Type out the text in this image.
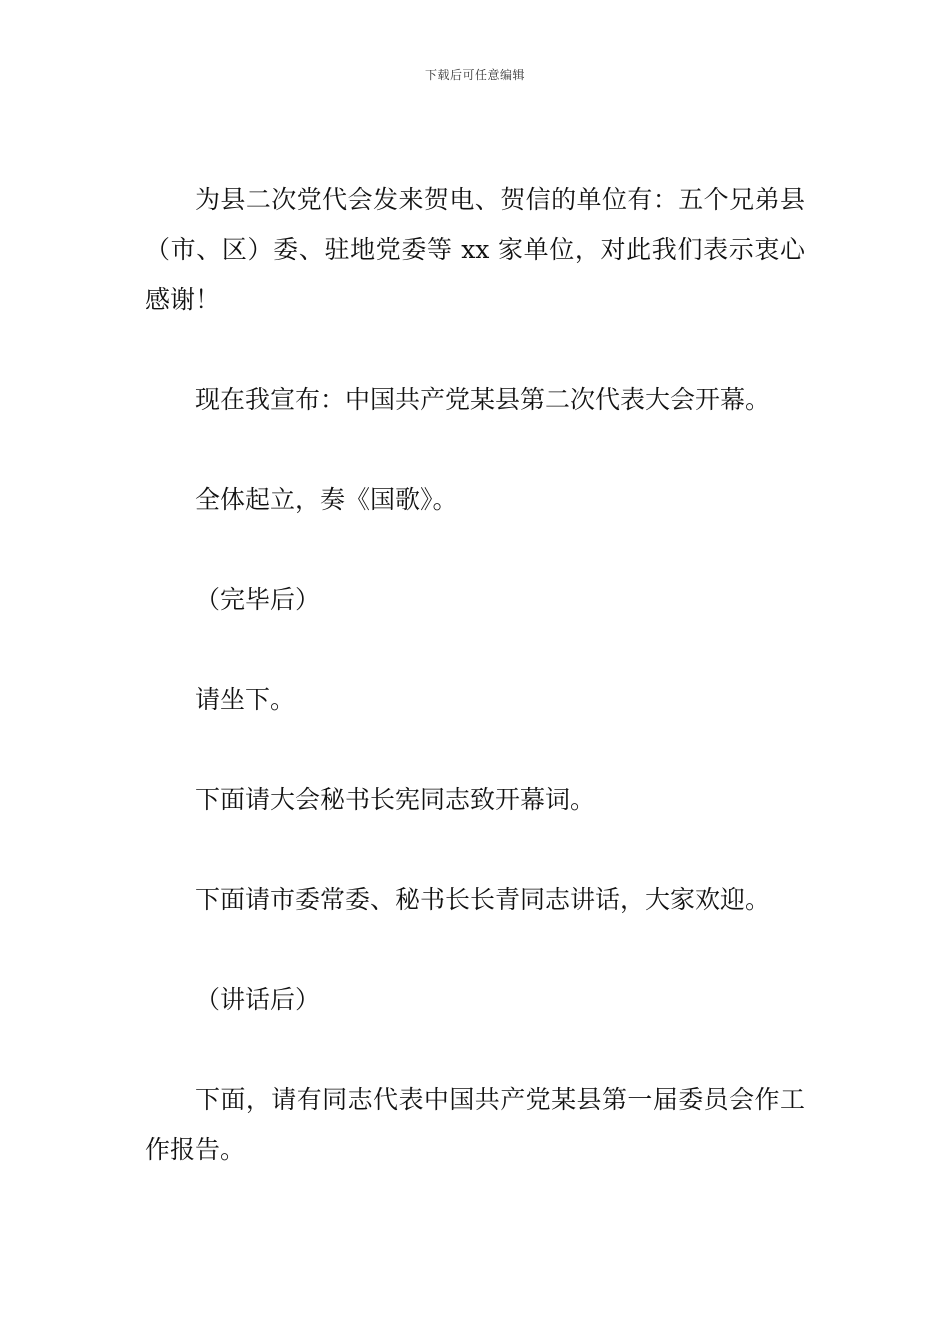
下载后可任意编辑

为县二次党代会发来贺电、贺信的单位有：五个兄弟县（市、区）委、驻地党委等 xx 家单位，对此我们表示衷心感谢！

现在我宣布：中国共产党某县第二次代表大会开幕。

全体起立，奏《国歌》。

（完毕后）

请坐下。

下面请大会秘书长宪同志致开幕词。

下面请市委常委、秘书长长青同志讲话，大家欢迎。

（讲话后）

下面，请有同志代表中国共产党某县第一届委员会作工作报告。
